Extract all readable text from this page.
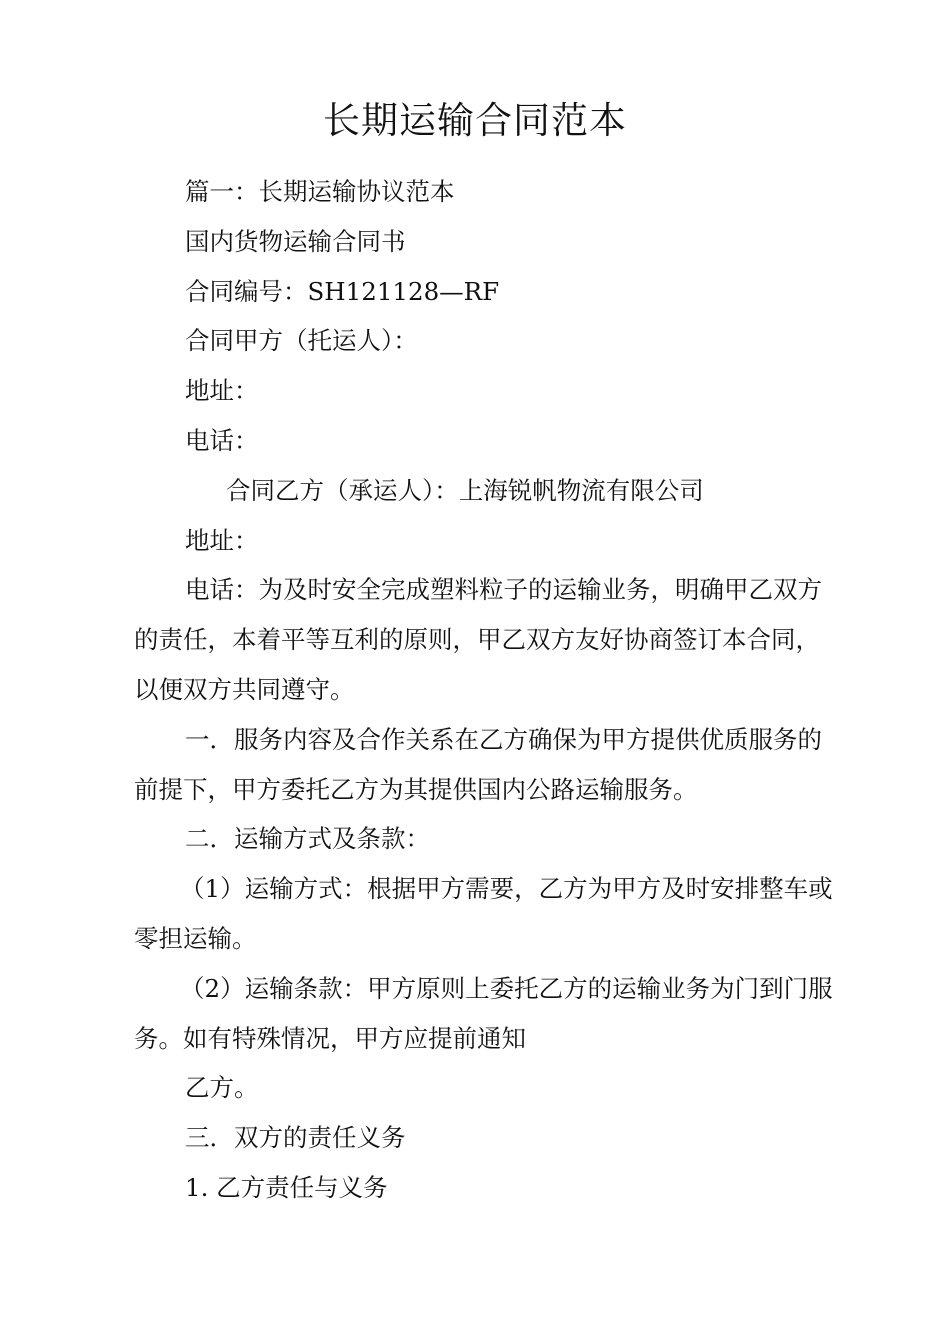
长期运输合同范本

篇一：长期运输协议范本

国内货物运输合同书

合同编号：SH121128—RF

合同甲方（托运人）：

地址：

电话：

合同乙方（承运人）：上海锐帆物流有限公司

地址：

电话：为及时安全完成塑料粒子的运输业务，明确甲乙双方的责任，本着平等互利的原则，甲乙双方友好协商签订本合同，以便双方共同遵守。

一．服务内容及合作关系在乙方确保为甲方提供优质服务的前提下，甲方委托乙方为其提供国内公路运输服务。

二．运输方式及条款：

（1）运输方式：根据甲方需要，乙方为甲方及时安排整车或零担运输。

（2）运输条款：甲方原则上委托乙方的运输业务为门到门服务。如有特殊情况，甲方应提前通知

乙方。

三．双方的责任义务

1. 乙方责任与义务
